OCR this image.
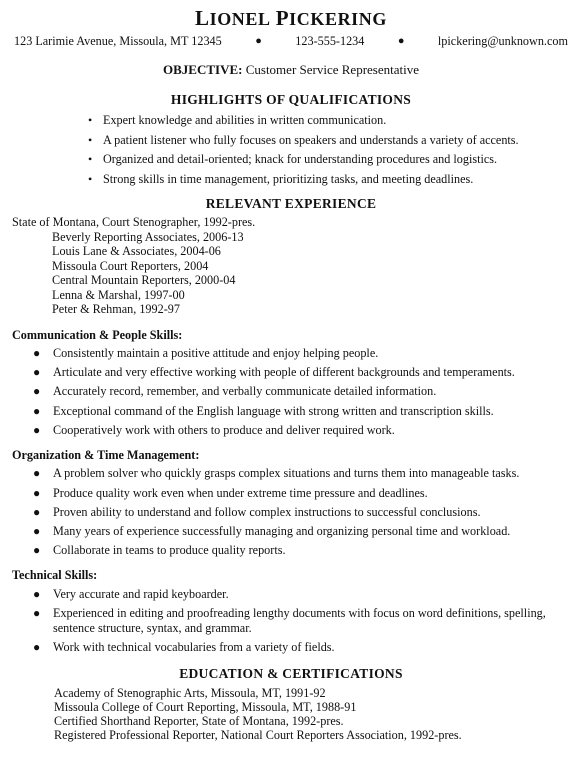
LIONEL PICKERING
123 Larimie Avenue, Missoula, MT 12345	●	123-555-1234	●	lpickering@unknown.com
OBJECTIVE: Customer Service Representative
HIGHLIGHTS OF QUALIFICATIONS
• Expert knowledge and abilities in written communication.
• A patient listener who fully focuses on speakers and understands a variety of accents.
• Organized and detail-oriented; knack for understanding procedures and logistics.
• Strong skills in time management, prioritizing tasks, and meeting deadlines.
RELEVANT EXPERIENCE
State of Montana, Court Stenographer, 1992-pres.
Beverly Reporting Associates, 2006-13
Louis Lane & Associates, 2004-06
Missoula Court Reporters, 2004
Central Mountain Reporters, 2000-04
Lenna & Marshal, 1997-00
Peter & Rehman, 1992-97
Communication & People Skills:
● Consistently maintain a positive attitude and enjoy helping people.
● Articulate and very effective working with people of different backgrounds and temperaments.
● Accurately record, remember, and verbally communicate detailed information.
● Exceptional command of the English language with strong written and transcription skills.
● Cooperatively work with others to produce and deliver required work.
Organization & Time Management:
● A problem solver who quickly grasps complex situations and turns them into manageable tasks.
● Produce quality work even when under extreme time pressure and deadlines.
● Proven ability to understand and follow complex instructions to successful conclusions.
● Many years of experience successfully managing and organizing personal time and workload.
● Collaborate in teams to produce quality reports.
Technical Skills:
● Very accurate and rapid keyboarder.
● Experienced in editing and proofreading lengthy documents with focus on word definitions, spelling, sentence structure, syntax, and grammar.
● Work with technical vocabularies from a variety of fields.
EDUCATION & CERTIFICATIONS
Academy of Stenographic Arts, Missoula, MT, 1991-92
Missoula College of Court Reporting, Missoula, MT, 1988-91
Certified Shorthand Reporter, State of Montana, 1992-pres.
Registered Professional Reporter, National Court Reporters Association, 1992-pres.
